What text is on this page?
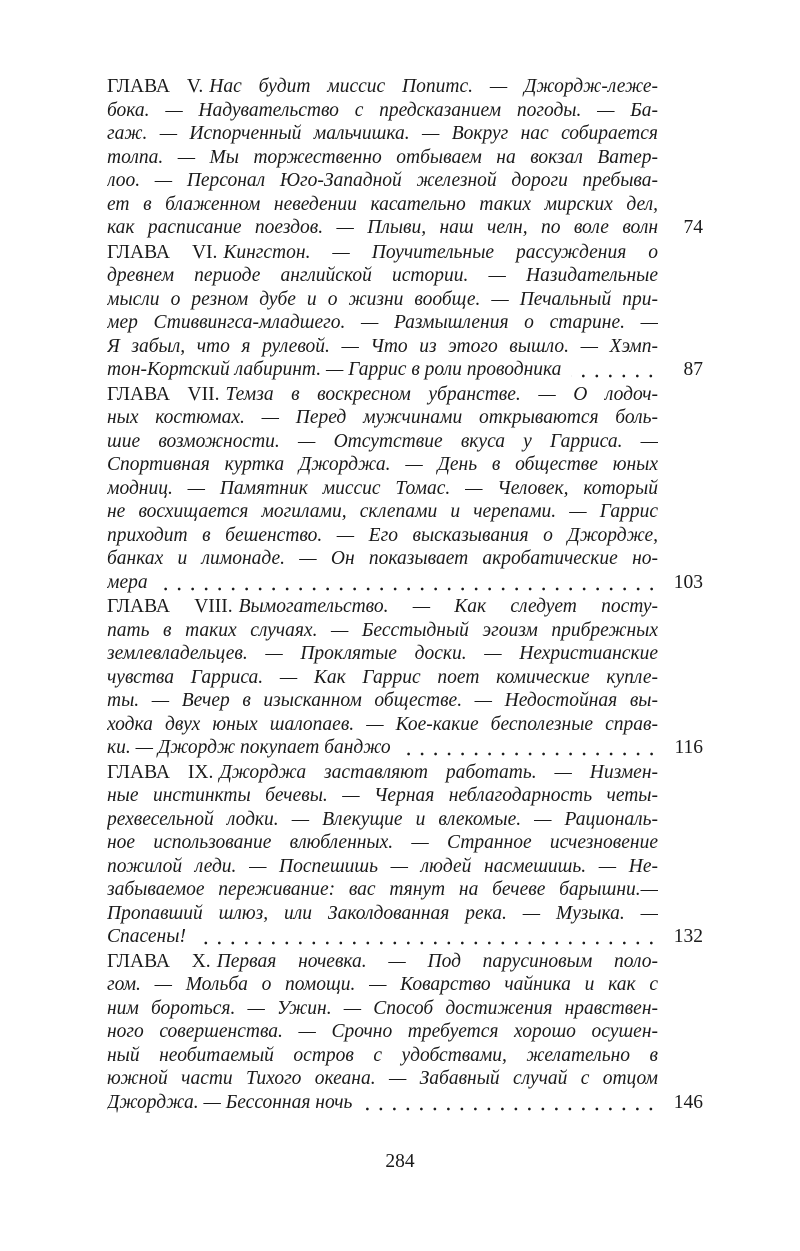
ГЛАВА V. Нас будит миссис Попитс. — Джордж-леже-
бока. — Надувательство с предсказанием погоды. — Ба-
гаж. — Испорченный мальчишка. — Вокруг нас собирается
толпа. — Мы торжественно отбываем на вокзал Ватер-
лоо. — Персонал Юго-Западной железной дороги пребыва-
ет в блаженном неведении касательно таких мирских дел,
как расписание поездов. — Плыви, наш челн, по воле волн	74
ГЛАВА VI. Кингстон. — Поучительные рассуждения о
древнем периоде английской истории. — Назидательные
мысли о резном дубе и о жизни вообще. — Печальный при-
мер Стиввингса-младшего. — Размышления о старине. —
Я забыл, что я рулевой. — Что из этого вышло. — Хэмп-
тон-Кортский лабиринт. — Гаррис в роли проводника	87
ГЛАВА VII. Темза в воскресном убранстве. — О лодоч-
ных костюмах. — Перед мужчинами открываются боль-
шие возможности. — Отсутствие вкуса у Гарриса. —
Спортивная куртка Джорджа. — День в обществе юных
модниц. — Памятник миссис Томас. — Человек, который
не восхищается могилами, склепами и черепами. — Гаррис
приходит в бешенство. — Его высказывания о Джордже,
банках и лимонаде. — Он показывает акробатические но-
мера	103
ГЛАВА VIII. Вымогательство. — Как следует посту-
пать в таких случаях. — Бесстыдный эгоизм прибрежных
землевладельцев. — Проклятые доски. — Нехристианские
чувства Гарриса. — Как Гаррис поет комические купле-
ты. — Вечер в изысканном обществе. — Недостойная вы-
ходка двух юных шалопаев. — Кое-какие бесполезные справ-
ки. — Джордж покупает банджо	116
ГЛАВА IX. Джорджа заставляют работать. — Низмен-
ные инстинкты бечевы. — Черная неблагодарность четы-
рехвесельной лодки. — Влекущие и влекомые. — Рациональ-
ное использование влюбленных. — Странное исчезновение
пожилой леди. — Поспешишь — людей насмешишь. — Не-
забываемое переживание: вас тянут на бечеве барышни.—
Пропавший шлюз, или Заколдованная река. — Музыка. —
Спасены!	132
ГЛАВА X. Первая ночевка. — Под парусиновым поло-
гом. — Мольба о помощи. — Коварство чайника и как с
ним бороться. — Ужин. — Способ достижения нравствен-
ного совершенства. — Срочно требуется хорошо осушен-
ный необитаемый остров с удобствами, желательно в
южной части Тихого океана. — Забавный случай с отцом
Джорджа. — Бессонная ночь	146
284
